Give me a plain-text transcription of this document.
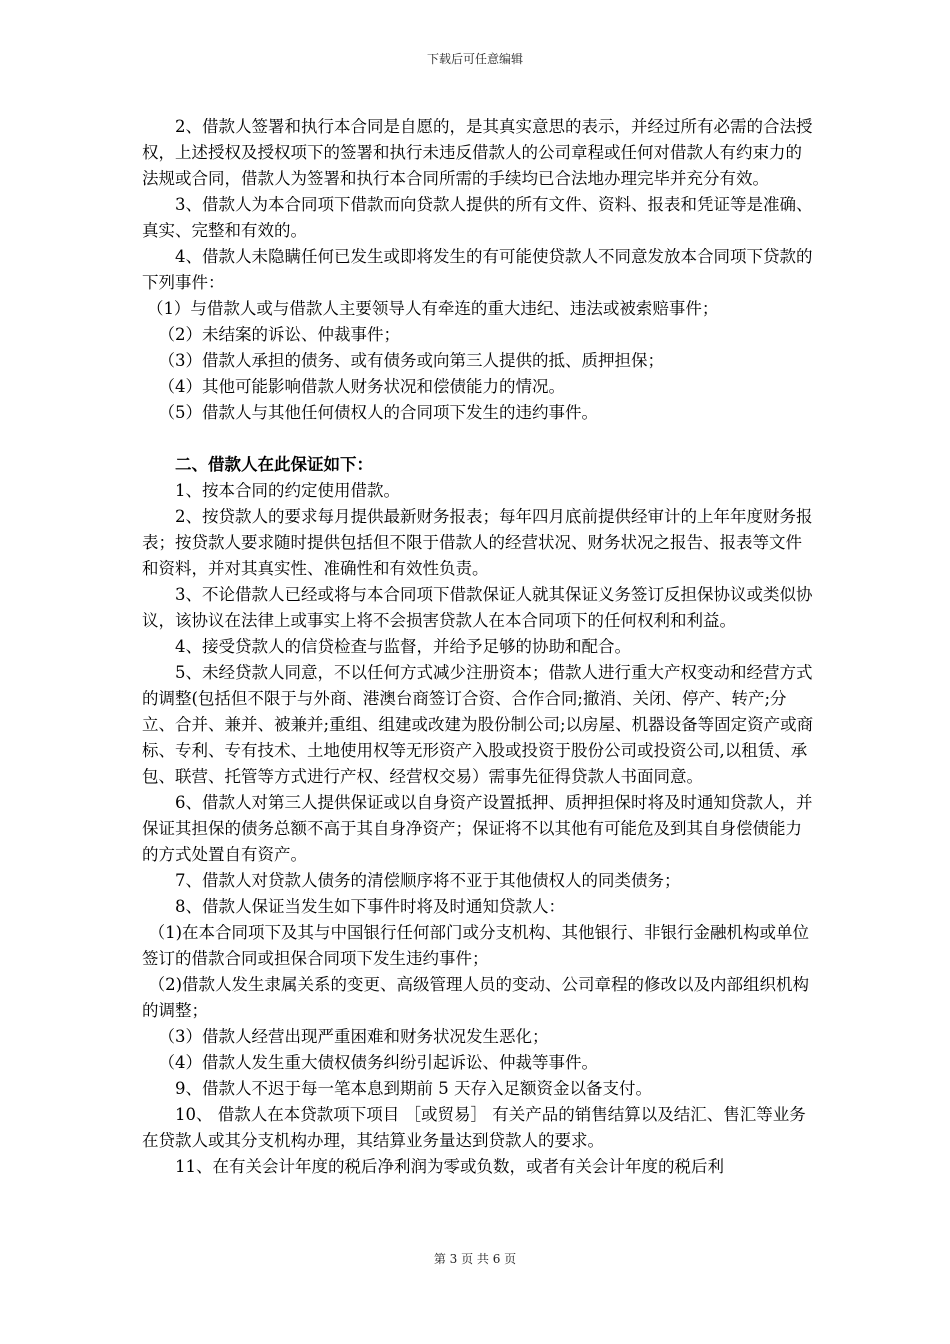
下载后可任意编辑

2、借款人签署和执行本合同是自愿的，是其真实意思的表示，并经过所有必需的合法授权，上述授权及授权项下的签署和执行未违反借款人的公司章程或任何对借款人有约束力的法规或合同，借款人为签署和执行本合同所需的手续均已合法地办理完毕并充分有效。

3、借款人为本合同项下借款而向贷款人提供的所有文件、资料、报表和凭证等是准确、真实、完整和有效的。

4、借款人未隐瞒任何已发生或即将发生的有可能使贷款人不同意发放本合同项下贷款的下列事件：

（1）与借款人或与借款人主要领导人有牵连的重大违纪、违法或被索赔事件；

（2）未结案的诉讼、仲裁事件；

（3）借款人承担的债务、或有债务或向第三人提供的抵、质押担保；

（4）其他可能影响借款人财务状况和偿债能力的情况。

（5）借款人与其他任何债权人的合同项下发生的违约事件。

二、借款人在此保证如下：

1、按本合同的约定使用借款。

2、按贷款人的要求每月提供最新财务报表；每年四月底前提供经审计的上年年度财务报表；按贷款人要求随时提供包括但不限于借款人的经营状况、财务状况之报告、报表等文件和资料，并对其真实性、准确性和有效性负责。

3、不论借款人已经或将与本合同项下借款保证人就其保证义务签订反担保协议或类似协议，该协议在法律上或事实上将不会损害贷款人在本合同项下的任何权利和利益。

4、接受贷款人的信贷检查与监督，并给予足够的协助和配合。

5、未经贷款人同意，不以任何方式减少注册资本；借款人进行重大产权变动和经营方式的调整(包括但不限于与外商、港澳台商签订合资、合作合同;撤消、关闭、停产、转产;分立、合并、兼并、被兼并;重组、组建或改建为股份制公司;以房屋、机器设备等固定资产或商标、专利、专有技术、土地使用权等无形资产入股或投资于股份公司或投资公司,以租赁、承包、联营、托管等方式进行产权、经营权交易）需事先征得贷款人书面同意。

6、借款人对第三人提供保证或以自身资产设置抵押、质押担保时将及时通知贷款人，并保证其担保的债务总额不高于其自身净资产；保证将不以其他有可能危及到其自身偿债能力的方式处置自有资产。

7、借款人对贷款人债务的清偿顺序将不亚于其他债权人的同类债务；

8、借款人保证当发生如下事件时将及时通知贷款人：

（1)在本合同项下及其与中国银行任何部门或分支机构、其他银行、非银行金融机构或单位签订的借款合同或担保合同项下发生违约事件；

（2)借款人发生隶属关系的变更、高级管理人员的变动、公司章程的修改以及内部组织机构的调整；

（3）借款人经营出现严重困难和财务状况发生恶化；

（4）借款人发生重大债权债务纠纷引起诉讼、仲裁等事件。

9、借款人不迟于每一笔本息到期前 5 天存入足额资金以备支付。

10、 借款人在本贷款项下项目 ［或贸易］ 有关产品的销售结算以及结汇、售汇等业务在贷款人或其分支机构办理，其结算业务量达到贷款人的要求。

11、在有关会计年度的税后净利润为零或负数，或者有关会计年度的税后利

第 3 页 共 6 页
